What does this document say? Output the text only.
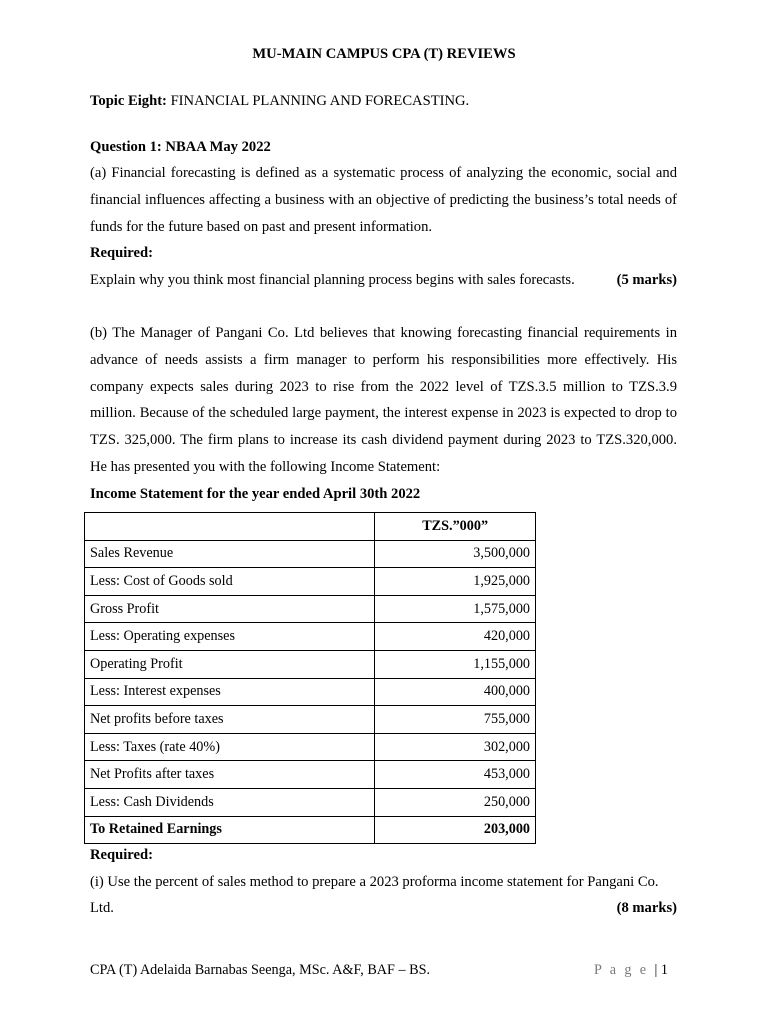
MU-MAIN CAMPUS CPA (T) REVIEWS
Topic Eight: FINANCIAL PLANNING AND FORECASTING.
Question 1: NBAA May 2022
(a) Financial forecasting is defined as a systematic process of analyzing the economic, social and financial influences affecting a business with an objective of predicting the business’s total needs of funds for the future based on past and present information.
Required:
Explain why you think most financial planning process begins with sales forecasts.	(5 marks)
(b) The Manager of Pangani Co. Ltd believes that knowing forecasting financial requirements in advance of needs assists a firm manager to perform his responsibilities more effectively. His company expects sales during 2023 to rise from the 2022 level of TZS.3.5 million to TZS.3.9 million. Because of the scheduled large payment, the interest expense in 2023 is expected to drop to TZS. 325,000. The firm plans to increase its cash dividend payment during 2023 to TZS.320,000. He has presented you with the following Income Statement:
Income Statement for the year ended April 30th 2022
	TZS.”000”
Sales Revenue	3,500,000
Less: Cost of Goods sold	1,925,000
Gross Profit	1,575,000
Less: Operating expenses	420,000
Operating Profit	1,155,000
Less: Interest expenses	400,000
Net profits before taxes	755,000
Less: Taxes (rate 40%)	302,000
Net Profits after taxes	453,000
Less: Cash Dividends	250,000
To Retained Earnings	203,000
Required:
(i) Use the percent of sales method to prepare a 2023 proforma income statement for Pangani Co.
Ltd.	(8 marks)
CPA (T) Adelaida Barnabas Seenga, MSc. A&F, BAF – BS.	P a g e | 1
